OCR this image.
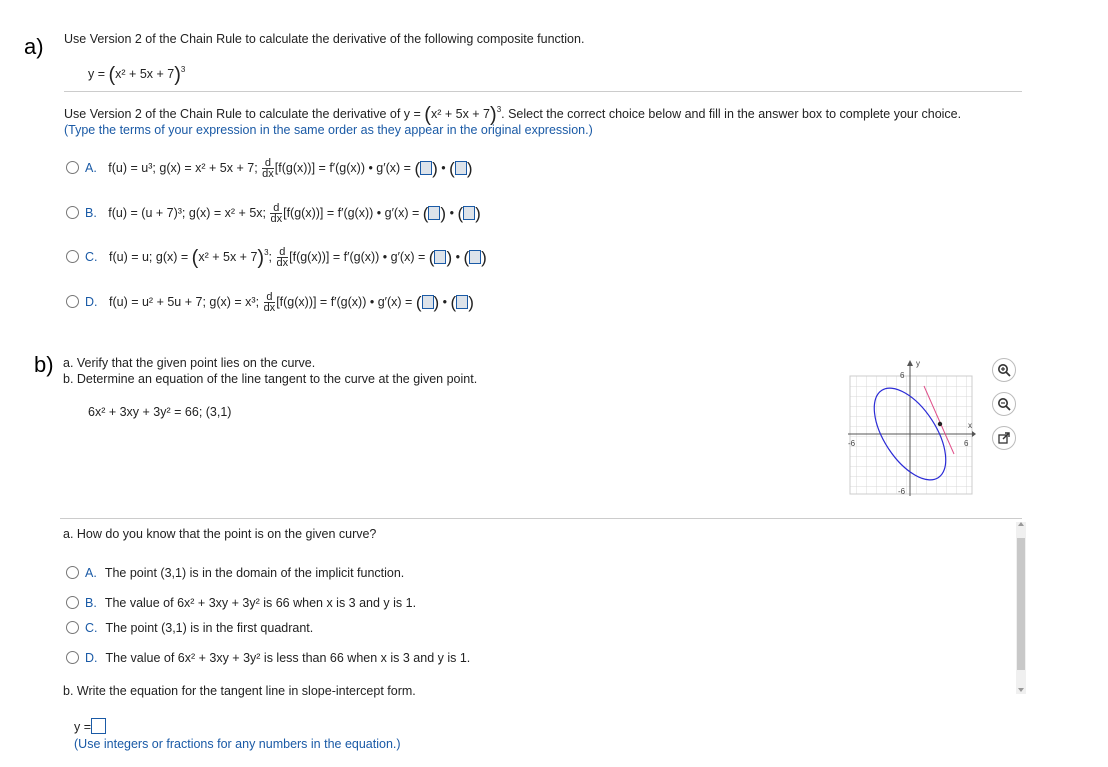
a) Use Version 2 of the Chain Rule to calculate the derivative of the following composite function.
$y = (x^2 + 5x + 7)^3$
Use Version 2 of the Chain Rule to calculate the derivative of $y = (x^2 + 5x + 7)^3$. Select the correct choice below and fill in the answer box to complete your choice.
(Type the terms of your expression in the same order as they appear in the original expression.)
A. f(u) = u³; g(x) = x² + 5x + 7; $\frac{d}{dx} [f(g(x))] = f'(g(x))$ • g′(x) = ( ) • ( )
B. f(u) = (u + 7)³; g(x) = x² + 5x; $\frac{d}{dx} [f(g(x))] = f'(g(x))$ • g′(x) = ( ) • ( )
C. f(u) = u; $g(x) = (x^2 + 5x + 7)^3$; $\frac{d}{dx} [f(g(x))] = f'(g(x))$ • g′(x) = ( ) • ( )
D. f(u) = u² + 5u + 7; g(x) = x³; $\frac{d}{dx} [f(g(x))] = f'(g(x))$ • g′(x) = ( ) • ( )
b) a. Verify that the given point lies on the curve.
b. Determine an equation of the line tangent to the curve at the given point.
6x² + 3xy + 3y² = 66; (3,1)
y
x
6
-6
-6	6
a. How do you know that the point is on the given curve?
A. The point (3,1) is in the domain of the implicit function.
B. The value of 6x² + 3xy + 3y² is 66 when x is 3 and y is 1.
C. The point (3,1) is in the first quadrant.
D. The value of 6x² + 3xy + 3y² is less than 66 when x is 3 and y is 1.
b. Write the equation for the tangent line in slope-intercept form.
y =
(Use integers or fractions for any numbers in the equation.)
